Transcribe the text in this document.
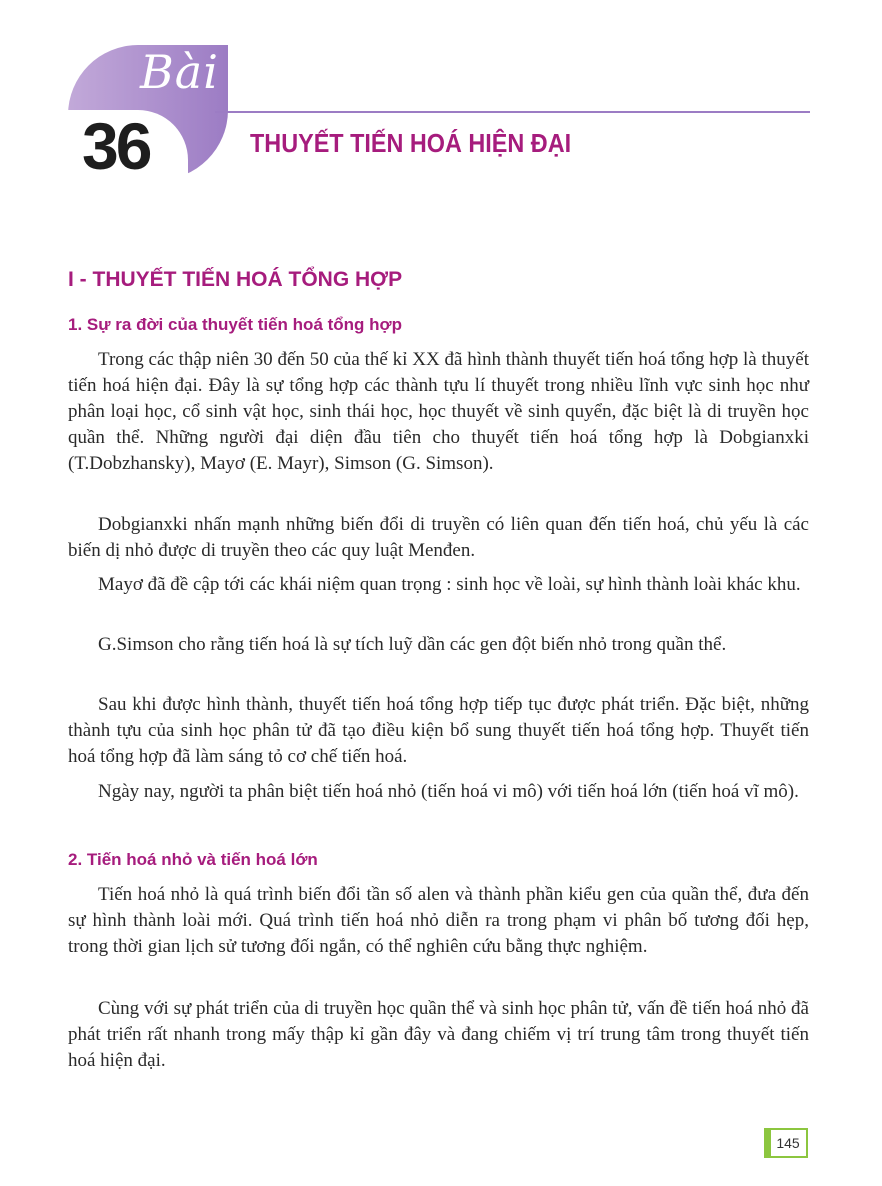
Bài
36	THUYẾT TIẾN HOÁ HIỆN ĐẠI
I - THUYẾT TIẾN HOÁ TỔNG HỢP
1. Sự ra đời của thuyết tiến hoá tổng hợp

Trong các thập niên 30 đến 50 của thế kỉ XX đã hình thành thuyết tiến hoá tổng hợp là thuyết tiến hoá hiện đại. Đây là sự tổng hợp các thành tựu lí thuyết trong nhiều lĩnh vực sinh học như phân loại học, cổ sinh vật học, sinh thái học, học thuyết về sinh quyển, đặc biệt là di truyền học quần thể. Những người đại diện đầu tiên cho thuyết tiến hoá tổng hợp là Dobgianxki (T.Dobzhansky), Mayơ (E. Mayr), Simson (G. Simson).

Dobgianxki nhấn mạnh những biến đổi di truyền có liên quan đến tiến hoá, chủ yếu là các biến dị nhỏ được di truyền theo các quy luật Menđen.

Mayơ đã đề cập tới các khái niệm quan trọng : sinh học về loài, sự hình thành loài khác khu.

G.Simson cho rằng tiến hoá là sự tích luỹ dần các gen đột biến nhỏ trong quần thể.

Sau khi được hình thành, thuyết tiến hoá tổng hợp tiếp tục được phát triển. Đặc biệt, những thành tựu của sinh học phân tử đã tạo điều kiện bổ sung thuyết tiến hoá tổng hợp. Thuyết tiến hoá tổng hợp đã làm sáng tỏ cơ chế tiến hoá.

Ngày nay, người ta phân biệt tiến hoá nhỏ (tiến hoá vi mô) với tiến hoá lớn (tiến hoá vĩ mô).

2. Tiến hoá nhỏ và tiến hoá lớn

Tiến hoá nhỏ là quá trình biến đổi tần số alen và thành phần kiểu gen của quần thể, đưa đến sự hình thành loài mới. Quá trình tiến hoá nhỏ diễn ra trong phạm vi phân bố tương đối hẹp, trong thời gian lịch sử tương đối ngắn, có thể nghiên cứu bằng thực nghiệm.

Cùng với sự phát triển của di truyền học quần thể và sinh học phân tử, vấn đề tiến hoá nhỏ đã phát triển rất nhanh trong mấy thập kỉ gần đây và đang chiếm vị trí trung tâm trong thuyết tiến hoá hiện đại.

145
